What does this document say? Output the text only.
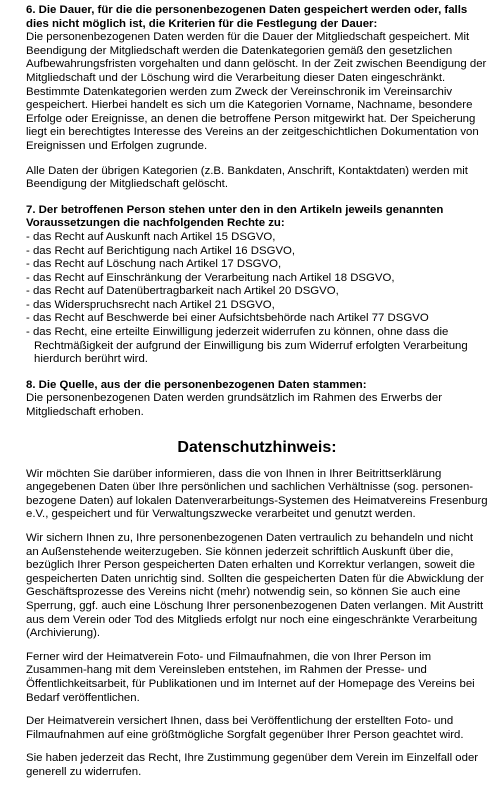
6. Die Dauer, für die die personenbezogenen Daten gespeichert werden oder, falls dies nicht möglich ist, die Kriterien für die Festlegung der Dauer:

Die personenbezogenen Daten werden für die Dauer der Mitgliedschaft gespeichert. Mit Beendigung der Mitgliedschaft werden die Datenkategorien gemäß den gesetzlichen Aufbewahrungsfristen vorgehalten und dann gelöscht. In der Zeit zwischen Beendigung der Mitgliedschaft und der Löschung wird die Verarbeitung dieser Daten eingeschränkt. Bestimmte Datenkategorien werden zum Zweck der Vereinschronik im Vereinsarchiv gespeichert. Hierbei handelt es sich um die Kategorien Vorname, Nachname, besondere Erfolge oder Ereignisse, an denen die betroffene Person mitgewirkt hat. Der Speicherung liegt ein berechtigtes Interesse des Vereins an der zeitgeschichtlichen Dokumentation von Ereignissen und Erfolgen zugrunde.

Alle Daten der übrigen Kategorien (z.B. Bankdaten, Anschrift, Kontaktdaten) werden mit Beendigung der Mitgliedschaft gelöscht.

7. Der betroffenen Person stehen unter den in den Artikeln jeweils genannten Voraussetzungen die nachfolgenden Rechte zu:

- das Recht auf Auskunft nach Artikel 15 DSGVO,
- das Recht auf Berichtigung nach Artikel 16 DSGVO,
- das Recht auf Löschung nach Artikel 17 DSGVO,
- das Recht auf Einschränkung der Verarbeitung nach Artikel 18 DSGVO,
- das Recht auf Datenübertragbarkeit nach Artikel 20 DSGVO,
- das Widerspruchsrecht nach Artikel 21 DSGVO,
- das Recht auf Beschwerde bei einer Aufsichtsbehörde nach Artikel 77 DSGVO
- das Recht, eine erteilte Einwilligung jederzeit widerrufen zu können, ohne dass die Rechtmäßigkeit der aufgrund der Einwilligung bis zum Widerruf erfolgten Verarbeitung hierdurch berührt wird.

8. Die Quelle, aus der die personenbezogenen Daten stammen:

Die personenbezogenen Daten werden grundsätzlich im Rahmen des Erwerbs der Mitgliedschaft erhoben.

Datenschutzhinweis:

Wir möchten Sie darüber informieren, dass die von Ihnen in Ihrer Beitrittserklärung angegebenen Daten über Ihre persönlichen und sachlichen Verhältnisse (sog. personen-bezogene Daten) auf lokalen Datenverarbeitungs-Systemen des Heimatvereins Fresenburg e.V., gespeichert und für Verwaltungszwecke verarbeitet und genutzt werden.

Wir sichern Ihnen zu, Ihre personenbezogenen Daten vertraulich zu behandeln und nicht an Außenstehende weiterzugeben. Sie können jederzeit schriftlich Auskunft über die, bezüglich Ihrer Person gespeicherten Daten erhalten und Korrektur verlangen, soweit die gespeicherten Daten unrichtig sind. Sollten die gespeicherten Daten für die Abwicklung der Geschäftsprozesse des Vereins nicht (mehr) notwendig sein, so können Sie auch eine Sperrung, ggf. auch eine Löschung Ihrer personenbezogenen Daten verlangen. Mit Austritt aus dem Verein oder Tod des Mitglieds erfolgt nur noch eine eingeschränkte Verarbeitung (Archivierung).

Ferner wird der Heimatverein Foto- und Filmaufnahmen, die von Ihrer Person im Zusammen-hang mit dem Vereinsleben entstehen, im Rahmen der Presse- und Öffentlichkeitsarbeit, für Publikationen und im Internet auf der Homepage des Vereins bei Bedarf veröffentlichen.

Der Heimatverein versichert Ihnen, dass bei Veröffentlichung der erstellten Foto- und Filmaufnahmen auf eine größtmögliche Sorgfalt gegenüber Ihrer Person geachtet wird.

Sie haben jederzeit das Recht, Ihre Zustimmung gegenüber dem Verein im Einzelfall oder generell zu widerrufen.
